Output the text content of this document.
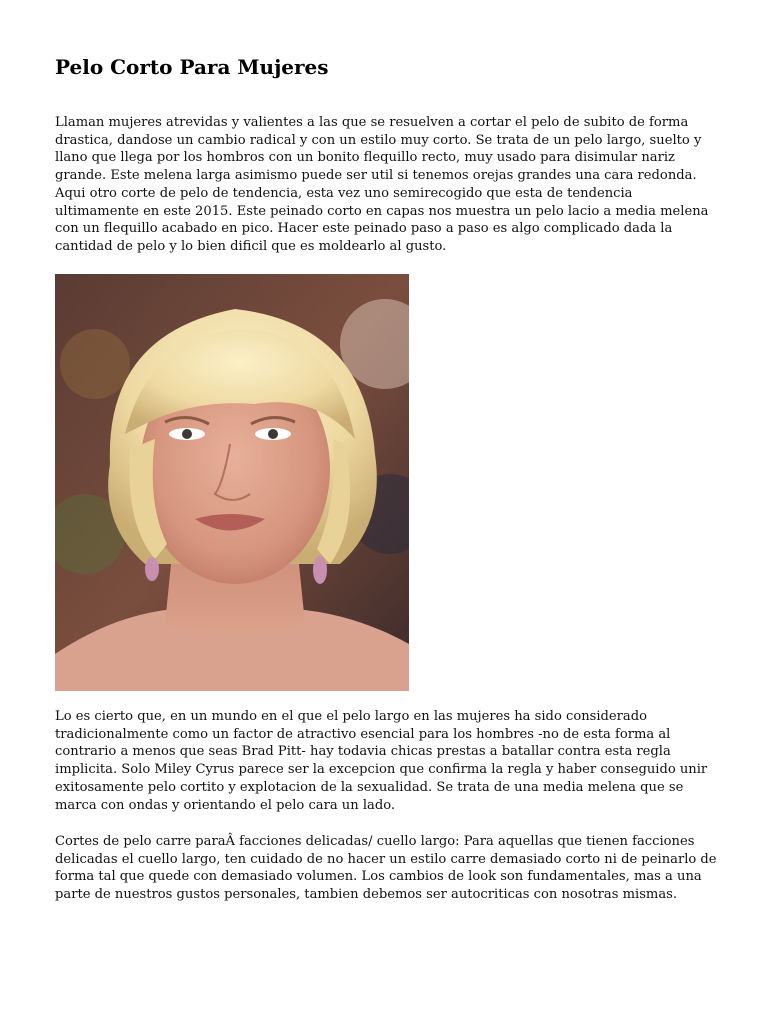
Pelo Corto Para Mujeres

Llaman mujeres atrevidas y valientes a las que se resuelven a cortar el pelo de subito de forma drastica, dandose un cambio radical y con un estilo muy corto. Se trata de un pelo largo, suelto y llano que llega por los hombros con un bonito flequillo recto, muy usado para disimular nariz grande. Este melena larga asimismo puede ser util si tenemos orejas grandes una cara redonda. Aqui otro corte de pelo de tendencia, esta vez uno semirecogido que esta de tendencia ultimamente en este 2015. Este peinado corto en capas nos muestra un pelo lacio a media melena con un flequillo acabado en pico. Hacer este peinado paso a paso es algo complicado dada la cantidad de pelo y lo bien dificil que es moldearlo al gusto.

Lo es cierto que, en un mundo en el que el pelo largo en las mujeres ha sido considerado tradicionalmente como un factor de atractivo esencial para los hombres -no de esta forma al contrario a menos que seas Brad Pitt- hay todavia chicas prestas a batallar contra esta regla implicita. Solo Miley Cyrus parece ser la excepcion que confirma la regla y haber conseguido unir exitosamente pelo cortito y explotacion de la sexualidad. Se trata de una media melena que se marca con ondas y orientando el pelo cara un lado.

Cortes de pelo carre paraÂ facciones delicadas/ cuello largo: Para aquellas que tienen facciones delicadas el cuello largo, ten cuidado de no hacer un estilo carre demasiado corto ni de peinarlo de forma tal que quede con demasiado volumen. Los cambios de look son fundamentales, mas a una parte de nuestros gustos personales, tambien debemos ser autocriticas con nosotras mismas.
